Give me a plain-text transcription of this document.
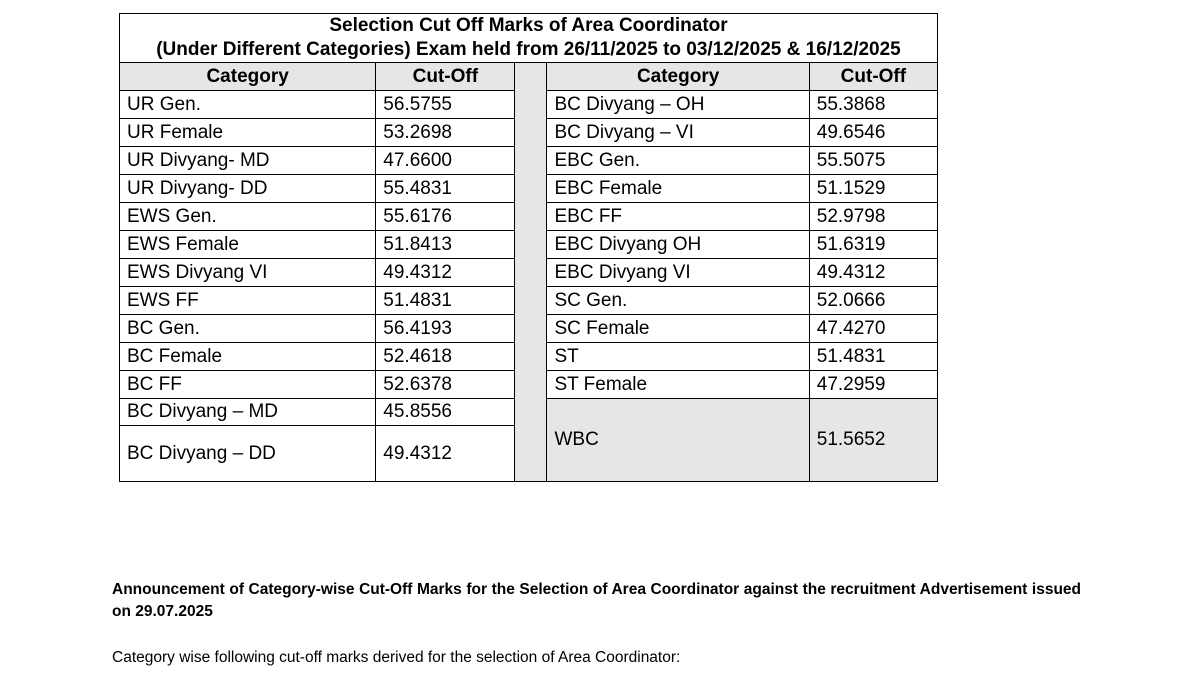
Selection Cut Off Marks of Area Coordinator
(Under Different Categories) Exam held from 26/11/2025 to 03/12/2025 & 16/12/2025				

Category	Cut-Off		Category	Cut-Off
UR Gen.	56.5755		BC Divyang – OH	55.3868
UR Female	53.2698		BC Divyang – VI	49.6546
UR Divyang- MD	47.6600		EBC Gen.	55.5075
UR Divyang- DD	55.4831		EBC Female	51.1529
EWS Gen.	55.6176		EBC FF	52.9798
EWS Female	51.8413		EBC Divyang OH	51.6319
EWS Divyang VI	49.4312		EBC Divyang VI	49.4312
EWS FF	51.4831		SC Gen.	52.0666
BC Gen.	56.4193		SC Female	47.4270
BC Female	52.4618		ST	51.4831
BC FF	52.6378		ST Female	47.2959
BC Divyang – MD	45.8556		WBC	51.5652
BC Divyang – DD	49.4312			

Announcement of Category-wise Cut-Off Marks for the Selection of Area Coordinator against the recruitment Advertisement issued on 29.07.2025

Category wise following cut-off marks derived for the selection of Area Coordinator:
